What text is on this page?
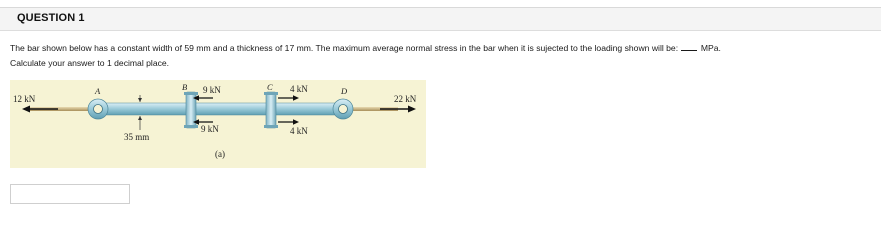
QUESTION 1
The bar shown below has a constant width of 59 mm and a thickness of 17 mm. The maximum average normal stress in the bar when it is sujected to the loading shown will be:  MPa.
Calculate your answer to 1 decimal place.
12 kN	22 kN
9 kN
9 kN
4 kN
4 kN
A	B	C	D
35 mm
(a)
